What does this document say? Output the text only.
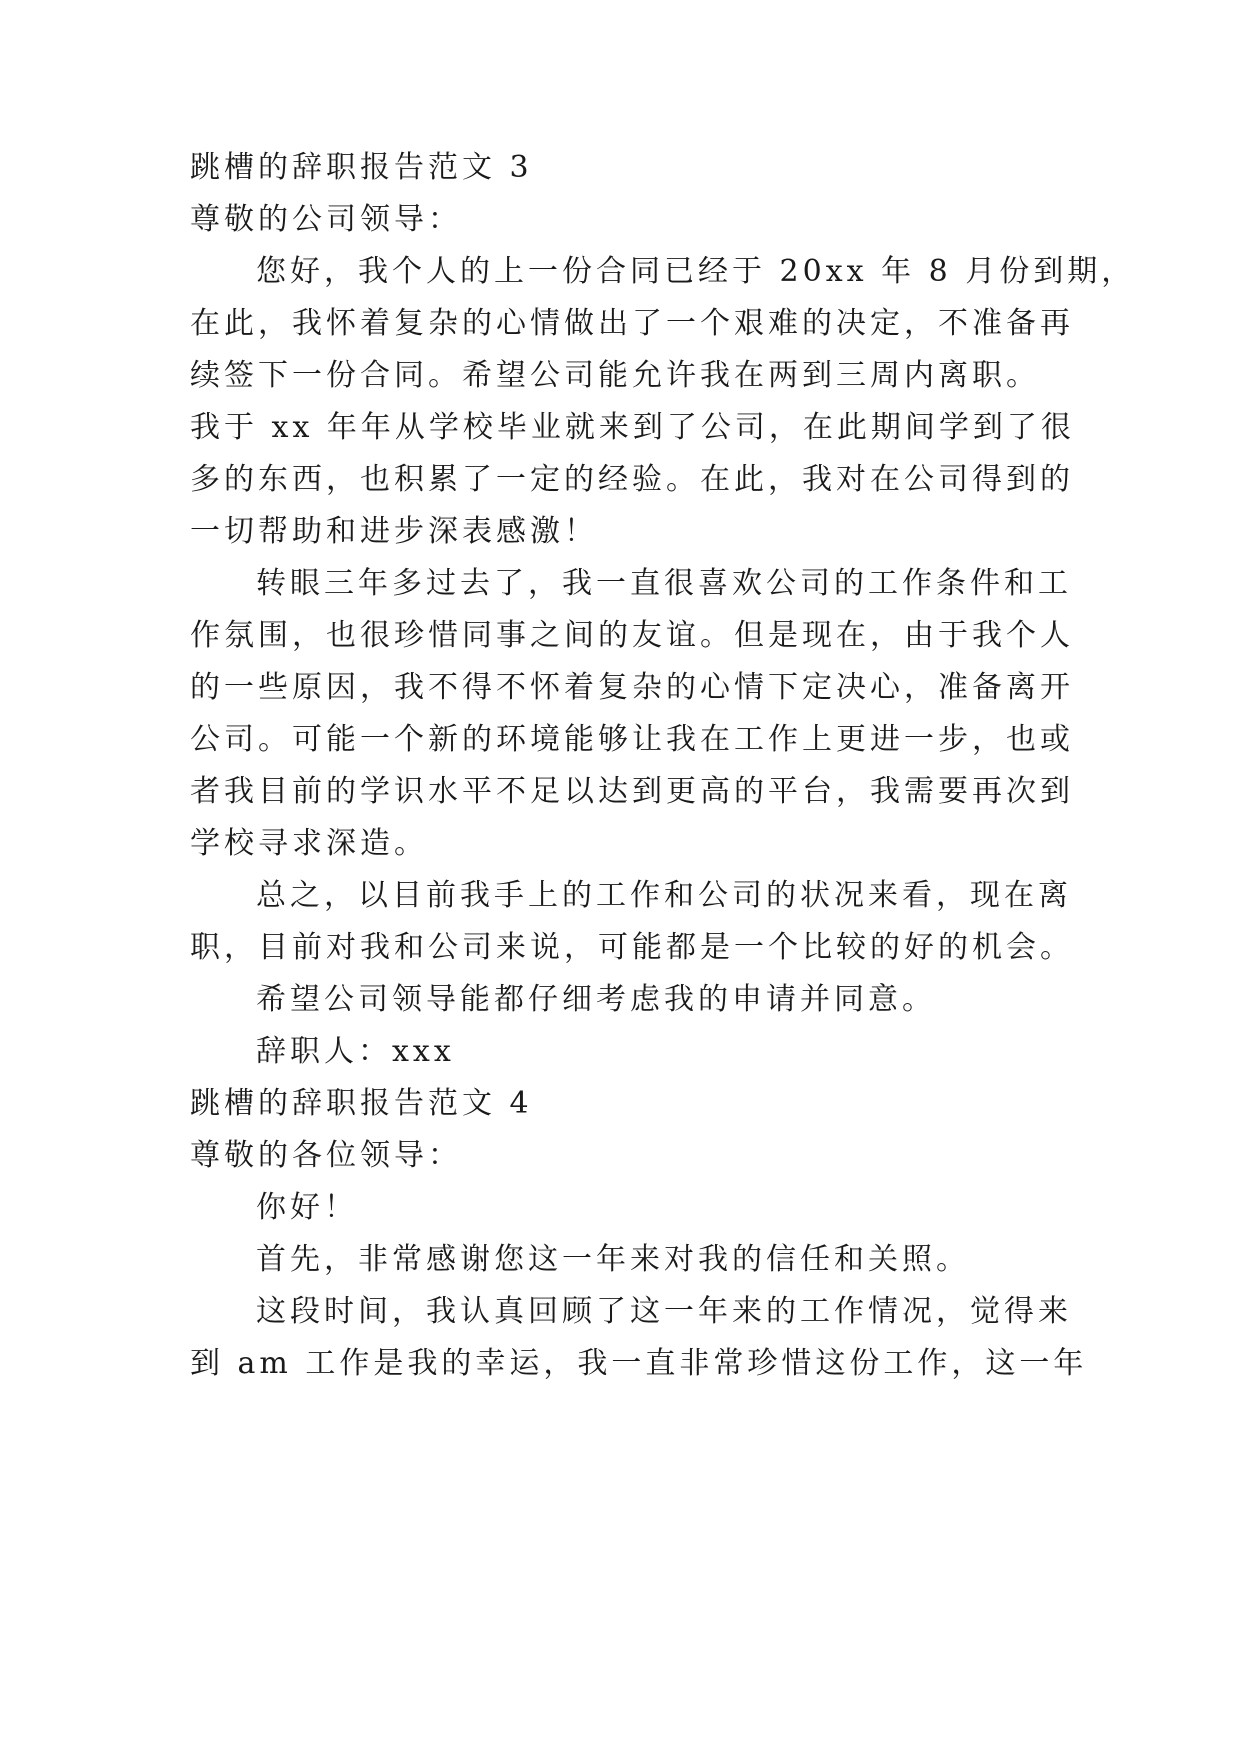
跳槽的辞职报告范文 3
尊敬的公司领导：
您好，我个人的上一份合同已经于 20xx 年 8 月份到期，
在此，我怀着复杂的心情做出了一个艰难的决定，不准备再
续签下一份合同。希望公司能允许我在两到三周内离职。
我于 xx 年年从学校毕业就来到了公司，在此期间学到了很
多的东西，也积累了一定的经验。在此，我对在公司得到的
一切帮助和进步深表感激！
转眼三年多过去了，我一直很喜欢公司的工作条件和工
作氛围，也很珍惜同事之间的友谊。但是现在，由于我个人
的一些原因，我不得不怀着复杂的心情下定决心，准备离开
公司。可能一个新的环境能够让我在工作上更进一步，也或
者我目前的学识水平不足以达到更高的平台，我需要再次到
学校寻求深造。
总之，以目前我手上的工作和公司的状况来看，现在离
职，目前对我和公司来说，可能都是一个比较的好的机会。
希望公司领导能都仔细考虑我的申请并同意。
辞职人：xxx
跳槽的辞职报告范文 4
尊敬的各位领导：
你好！
首先，非常感谢您这一年来对我的信任和关照。
这段时间，我认真回顾了这一年来的工作情况，觉得来
到 am 工作是我的幸运，我一直非常珍惜这份工作，这一年
